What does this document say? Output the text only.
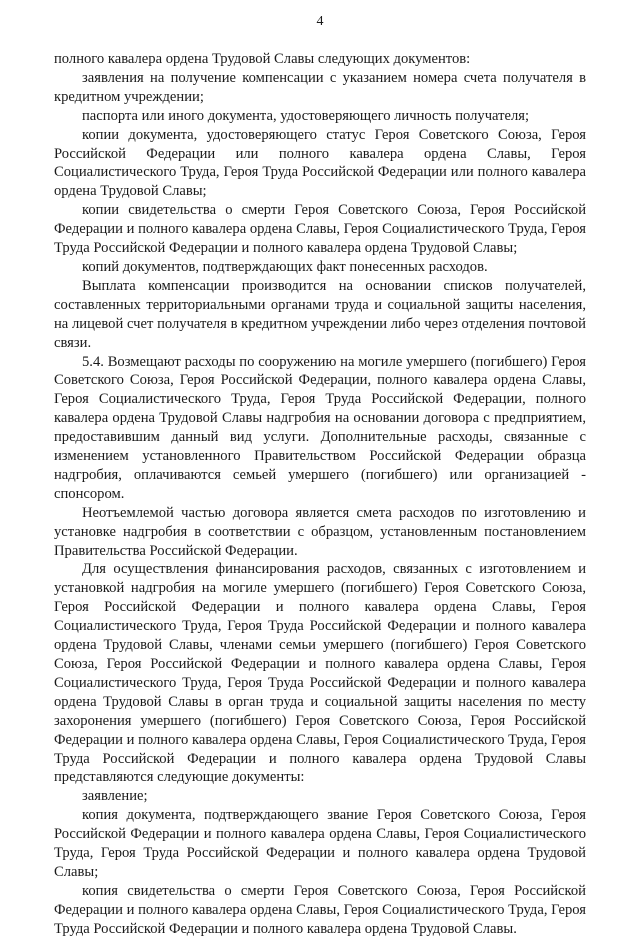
4

полного кавалера ордена Трудовой Славы следующих документов:

заявления на получение компенсации с указанием номера счета получателя в кредитном учреждении;

паспорта или иного документа, удостоверяющего личность получателя;

копии документа, удостоверяющего статус Героя Советского Союза, Героя Российской Федерации или полного кавалера ордена Славы, Героя Социалистического Труда, Героя Труда Российской Федерации или полного кавалера ордена Трудовой Славы;

копии свидетельства о смерти Героя Советского Союза, Героя Российской Федерации и полного кавалера ордена Славы, Героя Социалистического Труда, Героя Труда Российской Федерации и полного кавалера ордена Трудовой Славы;

копий документов, подтверждающих факт понесенных расходов.

Выплата компенсации производится на основании списков получателей, составленных территориальными органами труда и социальной защиты населения, на лицевой счет получателя в кредитном учреждении либо через отделения почтовой связи.

5.4. Возмещают расходы по сооружению на могиле умершего (погибшего) Героя Советского Союза, Героя Российской Федерации, полного кавалера ордена Славы, Героя Социалистического Труда, Героя Труда Российской Федерации, полного кавалера ордена Трудовой Славы надгробия на основании договора с предприятием, предоставившим данный вид услуги. Дополнительные расходы, связанные с изменением установленного Правительством Российской Федерации образца надгробия, оплачиваются семьей умершего (погибшего) или организацией - спонсором.

Неотъемлемой частью договора является смета расходов по изготовлению и установке надгробия в соответствии с образцом, установленным постановлением Правительства Российской Федерации.

Для осуществления финансирования расходов, связанных с изготовлением и установкой надгробия на могиле умершего (погибшего) Героя Советского Союза, Героя Российской Федерации и полного кавалера ордена Славы, Героя Социалистического Труда, Героя Труда Российской Федерации и полного кавалера ордена Трудовой Славы, членами семьи умершего (погибшего) Героя Советского Союза, Героя Российской Федерации и полного кавалера ордена Славы, Героя Социалистического Труда, Героя Труда Российской Федерации и полного кавалера ордена Трудовой Славы в орган труда и социальной защиты населения по месту захоронения умершего (погибшего) Героя Советского Союза, Героя Российской Федерации и полного кавалера ордена Славы, Героя Социалистического Труда, Героя Труда Российской Федерации и полного кавалера ордена Трудовой Славы представляются следующие документы:

заявление;

копия документа, подтверждающего звание Героя Советского Союза, Героя Российской Федерации и полного кавалера ордена Славы, Героя Социалистического Труда, Героя Труда Российской Федерации и полного кавалера ордена Трудовой Славы;

копия свидетельства о смерти Героя Советского Союза, Героя Российской Федерации и полного кавалера ордена Славы, Героя Социалистического Труда, Героя Труда Российской Федерации и полного кавалера ордена Трудовой Славы.
